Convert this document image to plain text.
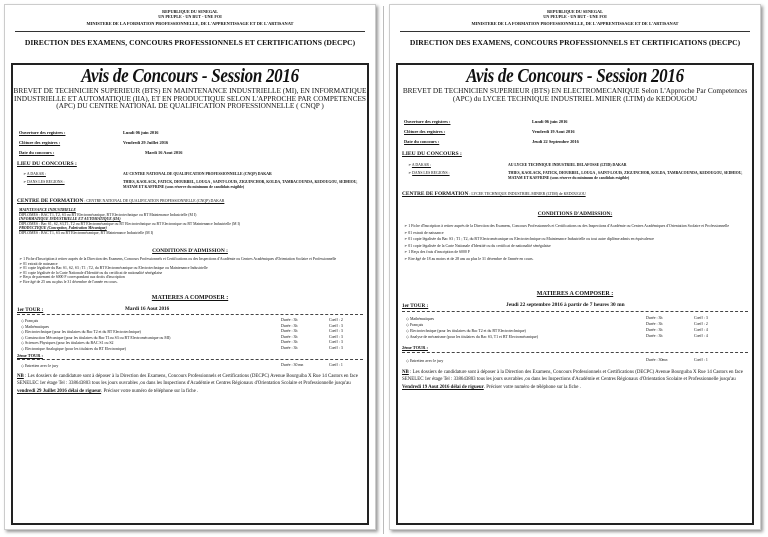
REPUBLIQUE DU SENEGAL
UN PEUPLE - UN BUT - UNE FOI
MINISTERE DE LA FORMATION PROFESSIONNELLE, DE L'APPRENTISSAGE ET DE L'ARTISANAT
DIRECTION DES EXAMENS, CONCOURS PROFESSIONNELS ET CERTIFICATIONS (DECPC)
Avis de Concours - Session 2016
BREVET DE TECHNICIEN SUPERIEUR (BTS) EN MAINTENANCE INDUSTRIELLE (MI), EN INFORMATIQUE INDUSTRIELLE ET AUTOMATIQUE (IIA), ET EN PRODUCTIQUE SELON L'APPROCHE PAR COMPETENCES (APC) DU CENTRE NATIONAL DE QUALIFICATION PROFESSIONNELLE ( CNQP )
Ouverture des registres :	Lundi 06 juin 2016
Clôture des registres :	Vendredi 29 Juillet 2016
Date du concours :	Mardi 16 Aout 2016
LIEU DU CONCOURS :
➢ A DAKAR :	AU CENTRE NATIONAL DE QUALIFICATION PROFESSIONNELLE (CNQP) DAKAR
➢ DANS LES REGIONS :	THIES, KAOLACK, FATICK, DIOURBEL, LOUGA , SAINT-LOUIS, ZIGUINCHOR, KOLDA, TAMBACOUNDA, KEDOUGOU, SEDHIOU, MATAM ET KAFFRINE (sous réserve du minimum de candidats exigible)
CENTRE DE FORMATION : CENTRE NATIONAL DE QUALIFICATION PROFESSIONNELLE (CNQP) DAKAR
MAINTENANCE INDUSTRIELLE
DIPLOMES : BAC T1, T2, S3 ou BT Electromécanique, BT Electrotechnique ou BT Maintenance Industrielle (M I)
INFORMATIQUE INDUSTRIELLE ET AUTOMATIQUE (IIA)
DIPLOMES : Bac S1, S2, S3,T1, T2 ou BT Electromécanique ou BT Electrotechnique ou BT Electronique ou BT Maintenance Industrielle (M I)
PRODUCTIQUE (Conception, Fabrication Mécanique)
DIPLOMES : BAC T1, S3 ou BT Electromécanique, BT Maintenance Industrielle (M I)
CONDITIONS D'ADMISSION :
➢ 1 Fiche d'Inscription à retirer auprès de la Direction des Examens, Concours Professionnels et Certifications ou des Inspections d'Académie ou Centres Académiques d'Orientation Scolaire et Professionnelle
➢ 01 extrait de naissance
➢ 01 copie légalisée du Bac S1, S2, S3 ; T1 ; T2, du BT Electromécanique ou Electrotechnique ou Maintenance Industrielle
➢ 01 copie légalisée de la Carte Nationale d'Identité ou du certificat de nationalité sénégalaise
➢ Reçu de paiement de 6000 F correspondant aux droits d'inscription
➢ Etre âgé de 25 ans au plus le 31 décembre de l'année en cours.
MATIERES A COMPOSER :
1er TOUR :	Mardi 16 Aout 2016
◇ Français	Durée : 3h	Coeff : 2
◇ Mathématiques	Durée : 3h	Coeff : 3
◇ Electrotechnique (pour les titulaires du Bac T2 et du BT Electrotechnique)	Durée : 3h	Coeff : 3
◇ Construction Mécanique (pour les titulaires du Bac T1ou S3 ou BT Electromécanique ou MI)	Durée : 3h	Coeff : 3
◇ Sciences Physiques (pour les titulaires du BAC S1 ou S2	Durée : 3h	Coeff : 3
◇ Electronique Analogique (pour les titulaires du BT Electronique)	Durée : 3h	Coeff : 3
2ème TOUR :
◇ Entretien avec le jury	Durée : 30 mn	Coeff : 1
NB : Les dossiers de candidature sont à déposer à la Direction des Examens, Concours Professionnels et Certifications (DECPC) Avenue Bourguiba X Rue 14 Castors en face SENELEC 1er étage Tel : 338643803 tous les jours ouvrables ,ou dans les Inspections d'Académie et Centres Régionaux d'Orientation Scolaire et Professionnelle jusqu'au vendredi 29 Juillet 2016 délai de rigueur. Préciser votre numéro de téléphone sur la fiche .
REPUBLIQUE DU SENEGAL
UN PEUPLE - UN BUT - UNE FOI
MINISTERE DE LA FORMATION PROFESSIONNELLE, DE L'APPRENTISSAGE ET DE L'ARTISANAT
DIRECTION DES EXAMENS, CONCOURS PROFESSIONNELS ET CERTIFICATIONS (DECPC)
Avis de Concours - Session 2016
BREVET DE TECHNICIEN SUPERIEUR (BTS) EN ELECTROMECANIQUE Selon L'Approche Par Competences (APC) du LYCEE TECHNIQUE INDUSTRIEL MINIER (LTIM) de KEDOUGOU
Ouverture des registres :	Lundi 06 juin 2016
Clôture des registres :	Vendredi 19 Aout 2016
Date du concours :	Jeudi 22 Septembre 2016
LIEU DU CONCOURS :
➢ A DAKAR :	AU LYCEE TECHNIQUE INDUSTRIEL DELAFOSSE (LTID) DAKAR
➢ DANS LES REGIONS :	THIES, KAOLACK, FATICK, DIOURBEL, LOUGA , SAINT-LOUIS, ZIGUINCHOR, KOLDA, TAMBACOUNDA, KEDOUGOU, SEDHIOU, MATAM ET KAFFRINE (sous réserve du minimum de candidats exigible)
CENTRE DE FORMATION : LYCEE TECHNIQUE INDUSTRIEL MINIER (LTIM) de KEDOUGOU
CONDITIONS D'ADMISSION:
➢ 1 Fiche d'Inscription à retirer auprès de la Direction des Examens, Concours Professionnels et Certifications ou des Inspections d'Académie ou Centres Académiques d'Orientation Scolaire et Professionnelle
➢ 01 extrait de naissance
➢ 01 copie légalisée du Bac S3 ; T1 ; T2, du BT Electromécanique ou Electrotechnique ou Maintenance Industrielle ou tout autre diplôme admis en équivalence
➢ 01 copie légalisée de la Carte Nationale d'Identité ou du certificat de nationalité sénégalaise
➢ 1 Reçu des frais d'inscription de 6000 F
➢ Etre âgé de 18 au moins et de 28 ans au plus le 31 décembre de l'année en cours.
MATIERES A COMPOSER :
1er TOUR :	Jeudi 22 septembre 2016 à partir de 7 heures 30 mn
◇ Mathématiques	Durée : 3h	Coeff : 3
◇ Français	Durée : 3h	Coeff : 2
◇ Electrotechnique (pour les titulaires du Bac T2 et du BT Electrotechnique)	Durée : 3h	Coeff : 4
◇ Analyse de mécanisme (pour les titulaires du Bac S3, T1 et BT Electromécanique)	Durée : 3h	Coeff : 4
2ème TOUR :
◇ Entretien avec le jury	Durée : 30mn	Coeff : 1
NB : Les dossiers de candidature sont à déposer à la Direction des Examens, Concours Professionnels et Certifications (DECPC) Avenue Bourguiba X Rue 14 Castors en face SENELEC 1er étage Tel : 338643803 tous les jours ouvrables ,ou dans les Inspections d'Académie et Centres Régionaux d'Orientation Scolaire et Professionnelle jusqu'au Vendredi 19 Aout 2016 délai de rigueur. Préciser votre numéro de téléphone sur la fiche .
